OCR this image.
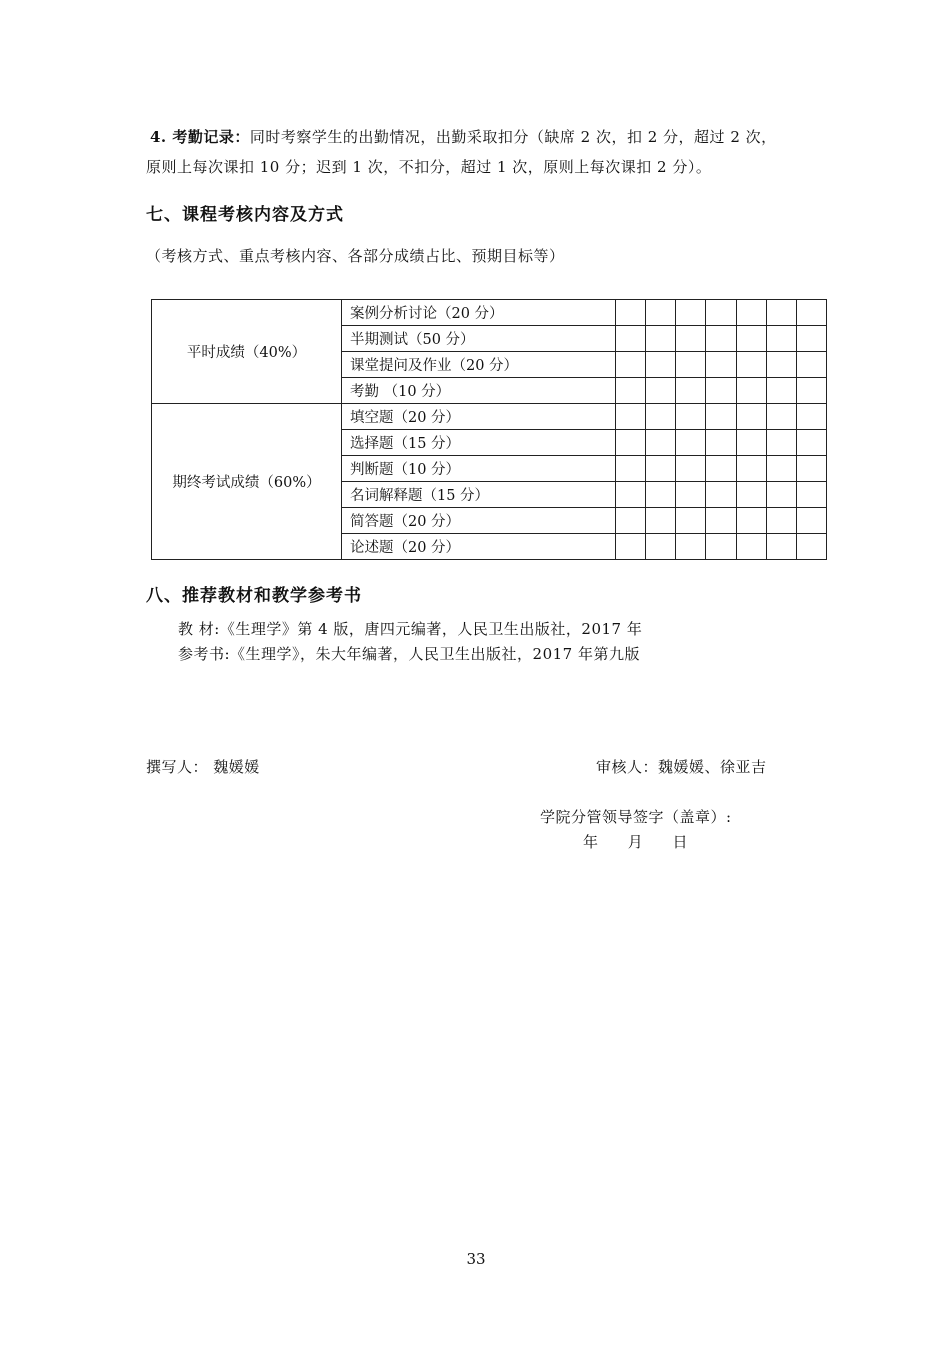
4. 考勤记录：同时考察学生的出勤情况，出勤采取扣分（缺席 2 次，扣 2 分，超过 2 次，
原则上每次课扣 10 分；迟到 1 次，不扣分，超过 1 次，原则上每次课扣 2 分）。
七、课程考核内容及方式
（考核方式、重点考核内容、各部分成绩占比、预期目标等）
平时成绩（40%）	案例分析讨论（20 分）							
	半期测试（50 分）							
	课堂提问及作业（20 分）							
	考勤 （10 分）							
期终考试成绩（60%）	填空题（20 分）							
	选择题（15 分）							
	判断题（10 分）							
	名词解释题（15 分）							
	简答题（20 分）							
	论述题（20 分）							
八、推荐教材和教学参考书
教 材:《生理学》第 4 版，唐四元编著，人民卫生出版社，2017 年
参考书:《生理学》，朱大年编著，人民卫生出版社，2017 年第九版
撰写人： 魏媛媛	审核人：魏媛媛、徐亚吉
学院分管领导签字（盖章）:
年 月 日
33
